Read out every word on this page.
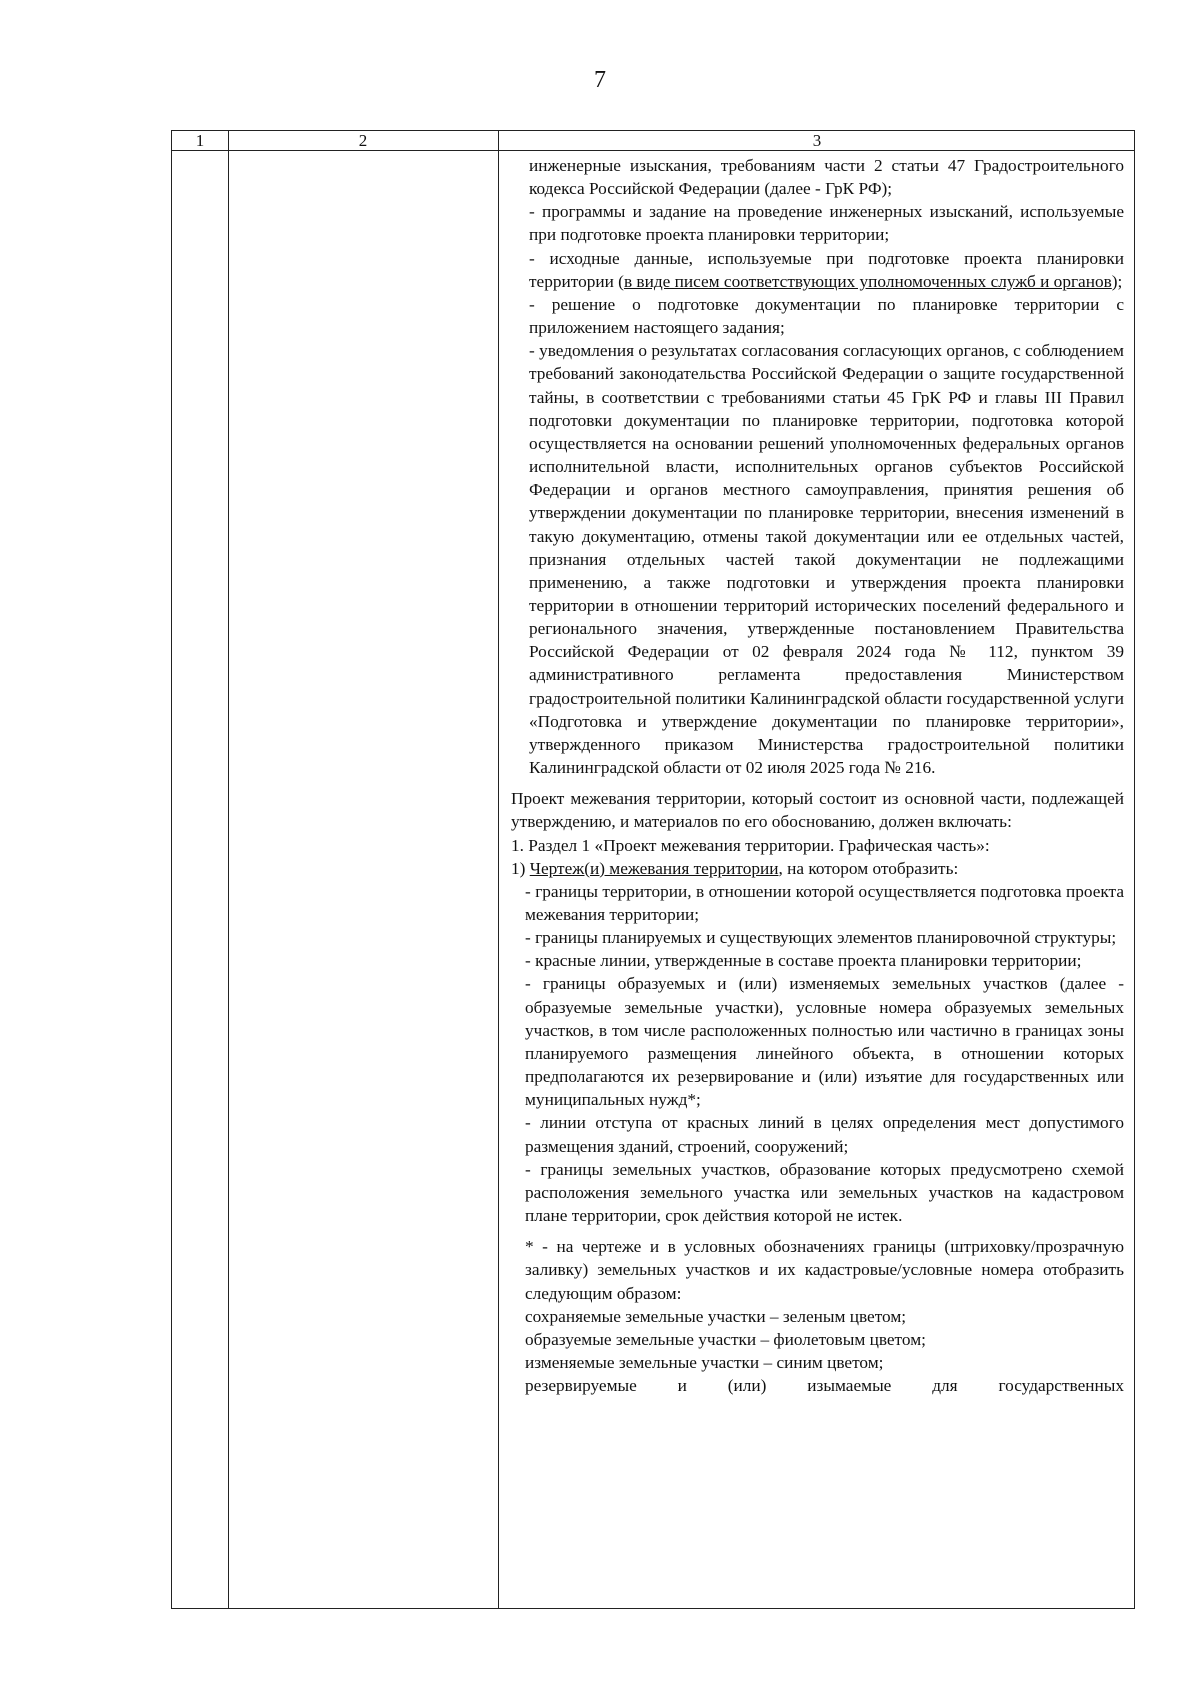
7
1	2	3

инженерные изыскания, требованиям части 2 статьи 47 Градостроительного кодекса Российской Федерации (далее - ГрК РФ);

- программы и задание на проведение инженерных изысканий, используемые при подготовке проекта планировки территории;

- исходные данные, используемые при подготовке проекта планировки территории (в виде писем соответствующих уполномоченных служб и органов);

- решение о подготовке документации по планировке территории с приложением настоящего задания;

- уведомления о результатах согласования согласующих органов, с соблюдением требований законодательства Российской Федерации о защите государственной тайны, в соответствии с требованиями статьи 45 ГрК РФ и главы III Правил подготовки документации по планировке территории, подготовка которой осуществляется на основании решений уполномоченных федеральных органов исполнительной власти, исполнительных органов субъектов Российской Федерации и органов местного самоуправления, принятия решения об утверждении документации по планировке территории, внесения изменений в такую документацию, отмены такой документации или ее отдельных частей, признания отдельных частей такой документации не подлежащими применению, а также подготовки и утверждения проекта планировки территории в отношении территорий исторических поселений федерального и регионального значения, утвержденные постановлением Правительства Российской Федерации от 02 февраля 2024 года № 112, пунктом 39 административного регламента предоставления Министерством градостроительной политики Калининградской области государственной услуги «Подготовка и утверждение документации по планировке территории», утвержденного приказом Министерства градостроительной политики Калининградской области от 02 июля 2025 года № 216.

Проект межевания территории, который состоит из основной части, подлежащей утверждению, и материалов по его обоснованию, должен включать:

1. Раздел 1 «Проект межевания территории. Графическая часть»:

1) Чертеж(и) межевания территории, на котором отобразить:

- границы территории, в отношении которой осуществляется подготовка проекта межевания территории;

- границы планируемых и существующих элементов планировочной структуры;

- красные линии, утвержденные в составе проекта планировки территории;

- границы образуемых и (или) изменяемых земельных участков (далее - образуемые земельные участки), условные номера образуемых земельных участков, в том числе расположенных полностью или частично в границах зоны планируемого размещения линейного объекта, в отношении которых предполагаются их резервирование и (или) изъятие для государственных или муниципальных нужд*;

- линии отступа от красных линий в целях определения мест допустимого размещения зданий, строений, сооружений;

- границы земельных участков, образование которых предусмотрено схемой расположения земельного участка или земельных участков на кадастровом плане территории, срок действия которой не истек.

* - на чертеже и в условных обозначениях границы (штриховку/прозрачную заливку) земельных участков и их кадастровые/условные номера отобразить следующим образом:

сохраняемые земельные участки – зеленым цветом;

образуемые земельные участки – фиолетовым цветом;

изменяемые земельные участки – синим цветом;

резервируемые и (или) изымаемые для государственных
